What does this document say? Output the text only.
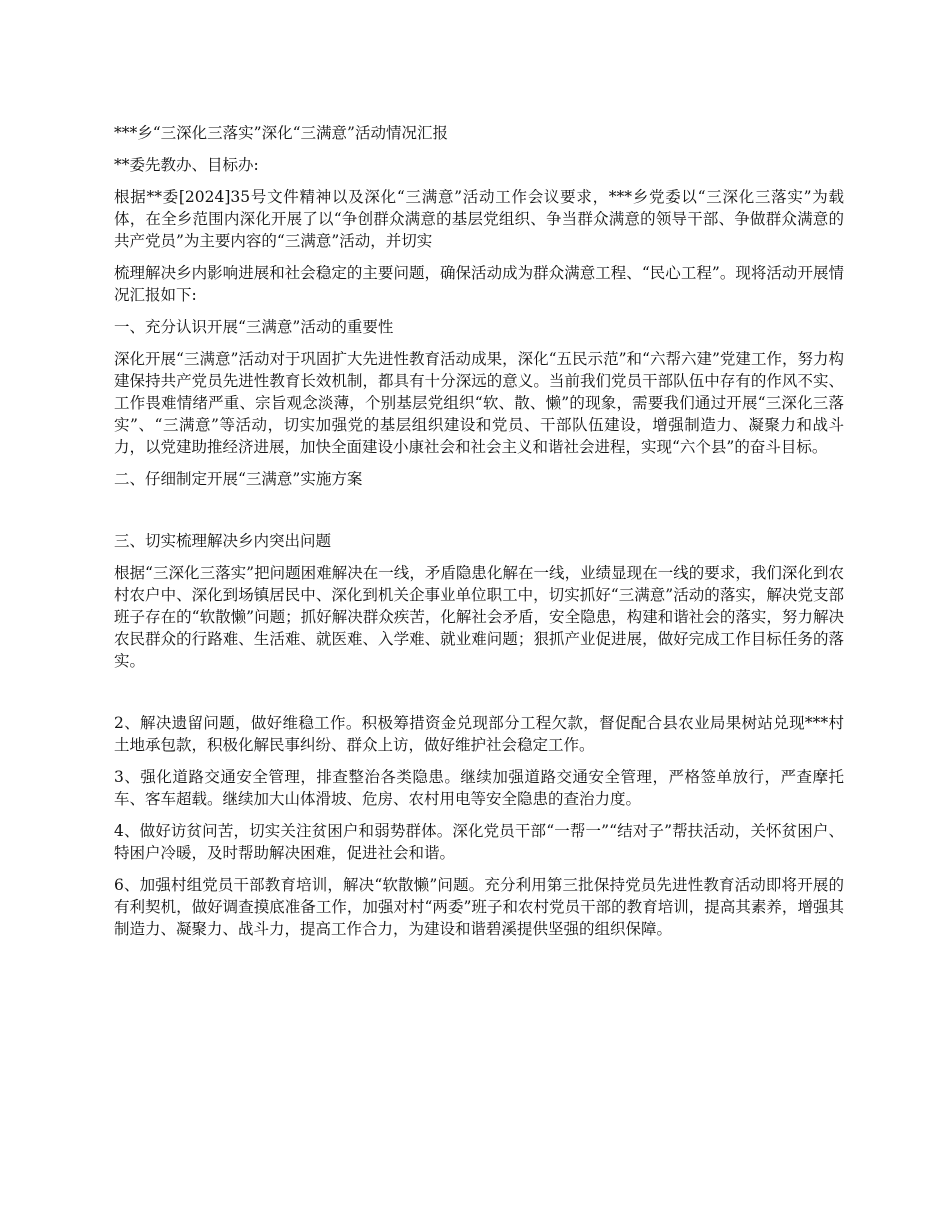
***乡“三深化三落实”深化“三满意”活动情况汇报

**委先教办、目标办:

根据**委[2024]35号文件精神以及深化“三满意”活动工作会议要求，***乡党委以“三深化三落实”为载体，在全乡范围内深化开展了以“争创群众满意的基层党组织、争当群众满意的领导干部、争做群众满意的共产党员”为主要内容的“三满意”活动，并切实

梳理解决乡内影响进展和社会稳定的主要问题，确保活动成为群众满意工程、“民心工程”。现将活动开展情况汇报如下:

一、充分认识开展“三满意”活动的重要性

深化开展“三满意”活动对于巩固扩大先进性教育活动成果，深化“五民示范”和“六帮六建”党建工作，努力构建保持共产党员先进性教育长效机制，都具有十分深远的意义。当前我们党员干部队伍中存有的作风不实、工作畏难情绪严重、宗旨观念淡薄，个别基层党组织“软、散、懒”的现象，需要我们通过开展“三深化三落实”、“三满意”等活动，切实加强党的基层组织建设和党员、干部队伍建设，增强制造力、凝聚力和战斗力，以党建助推经济进展，加快全面建设小康社会和社会主义和谐社会进程，实现“六个县”的奋斗目标。

二、仔细制定开展“三满意”实施方案

三、切实梳理解决乡内突出问题

根据“三深化三落实”把问题困难解决在一线，矛盾隐患化解在一线，业绩显现在一线的要求，我们深化到农村农户中、深化到场镇居民中、深化到机关企事业单位职工中，切实抓好“三满意”活动的落实，解决党支部班子存在的“软散懒”问题；抓好解决群众疾苦，化解社会矛盾，安全隐患，构建和谐社会的落实，努力解决农民群众的行路难、生活难、就医难、入学难、就业难问题；狠抓产业促进展，做好完成工作目标任务的落实。

2、解决遗留问题，做好维稳工作。积极筹措资金兑现部分工程欠款，督促配合县农业局果树站兑现***村土地承包款，积极化解民事纠纷、群众上访，做好维护社会稳定工作。

3、强化道路交通安全管理，排查整治各类隐患。继续加强道路交通安全管理，严格签单放行，严查摩托车、客车超载。继续加大山体滑坡、危房、农村用电等安全隐患的查治力度。

4、做好访贫问苦，切实关注贫困户和弱势群体。深化党员干部“一帮一”“结对子”帮扶活动，关怀贫困户、特困户冷暖，及时帮助解决困难，促进社会和谐。

6、加强村组党员干部教育培训，解决“软散懒”问题。充分利用第三批保持党员先进性教育活动即将开展的有利契机，做好调查摸底准备工作，加强对村“两委”班子和农村党员干部的教育培训，提高其素养，增强其制造力、凝聚力、战斗力，提高工作合力，为建设和谐碧溪提供坚强的组织保障。
